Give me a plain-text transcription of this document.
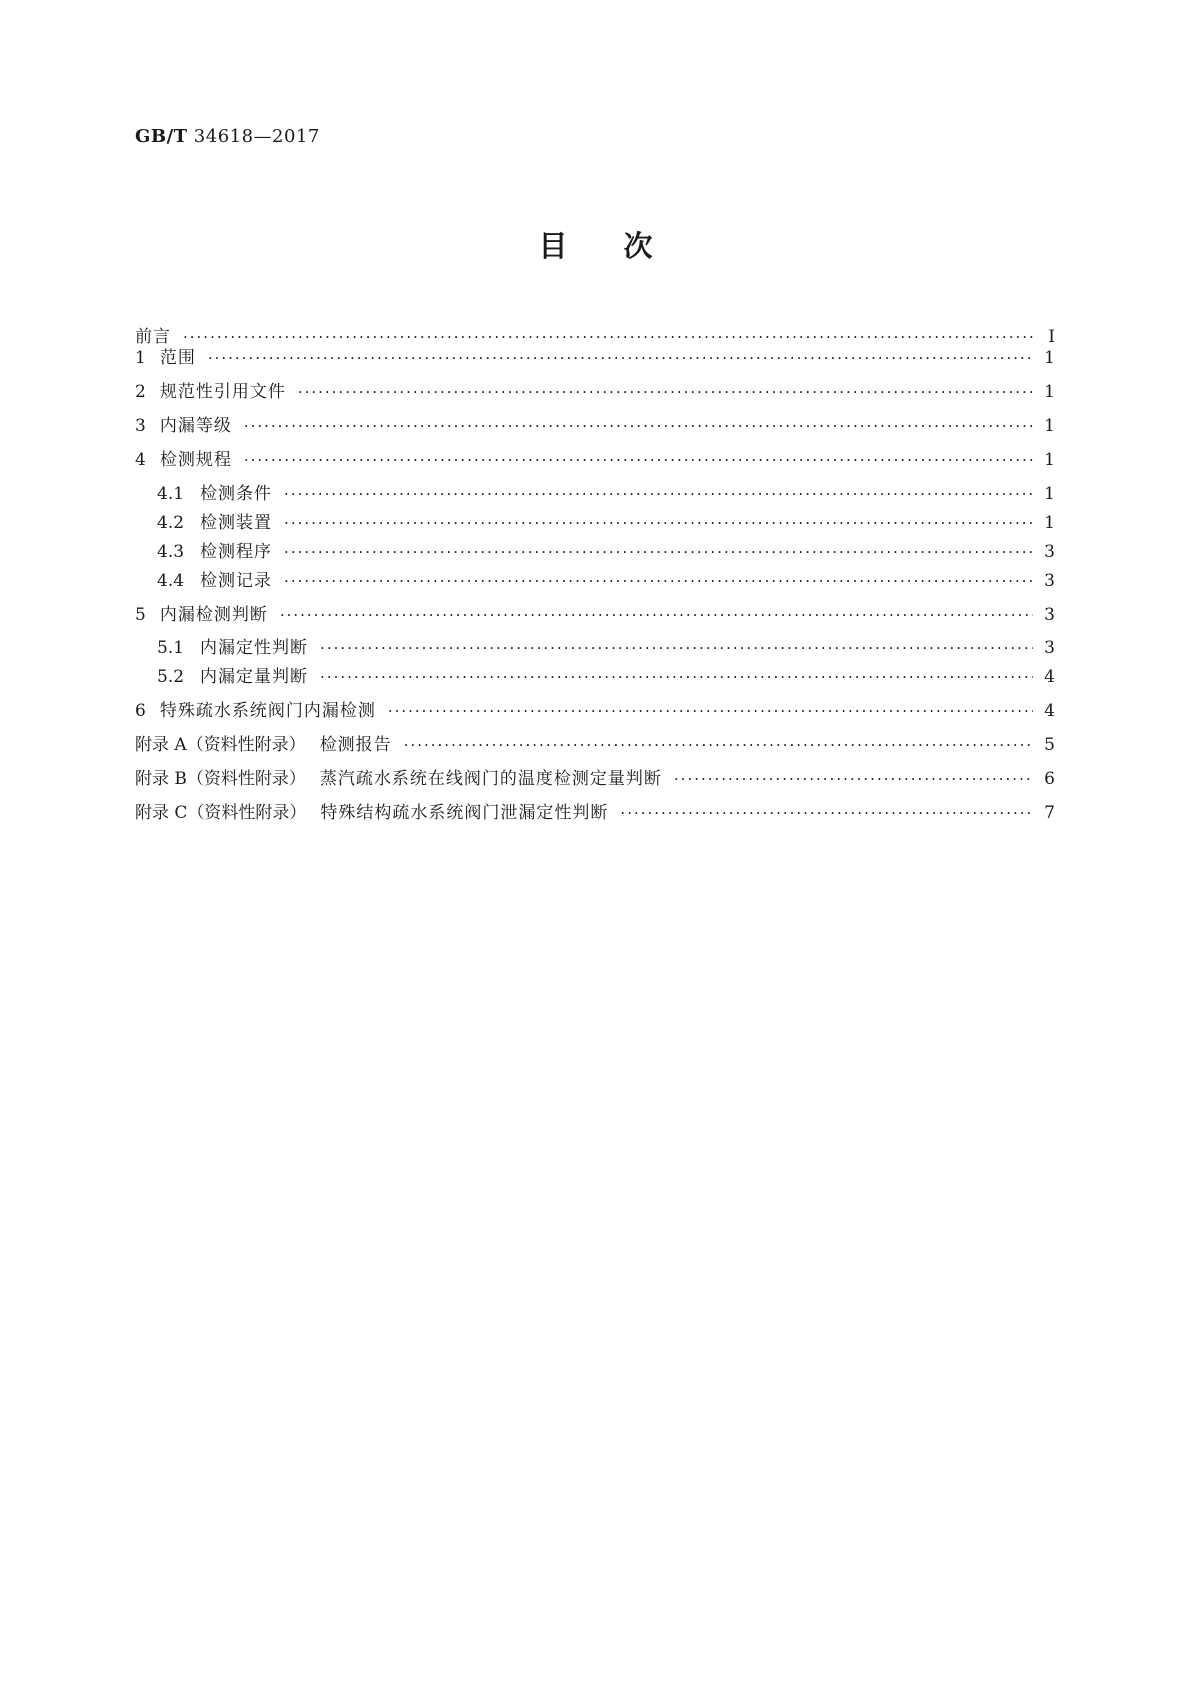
GB/T 34618—2017
目次
前言 ·····	Ⅰ
1 范围 ·····	1
2 规范性引用文件 ·····	1
3 内漏等级 ·····	1
4 检测规程 ·····	1
4.1 检测条件 ·····	1
4.2 检测装置 ·····	1
4.3 检测程序 ·····	3
4.4 检测记录 ·····	3
5 内漏检测判断 ·····	3
5.1 内漏定性判断 ·····	3
5.2 内漏定量判断 ·····	4
6 特殊疏水系统阀门内漏检测 ·····	4
附录 A（资料性附录） 检测报告 ·····	5
附录 B（资料性附录） 蒸汽疏水系统在线阀门的温度检测定量判断 ·····	6
附录 C（资料性附录） 特殊结构疏水系统阀门泄漏定性判断 ·····	7
